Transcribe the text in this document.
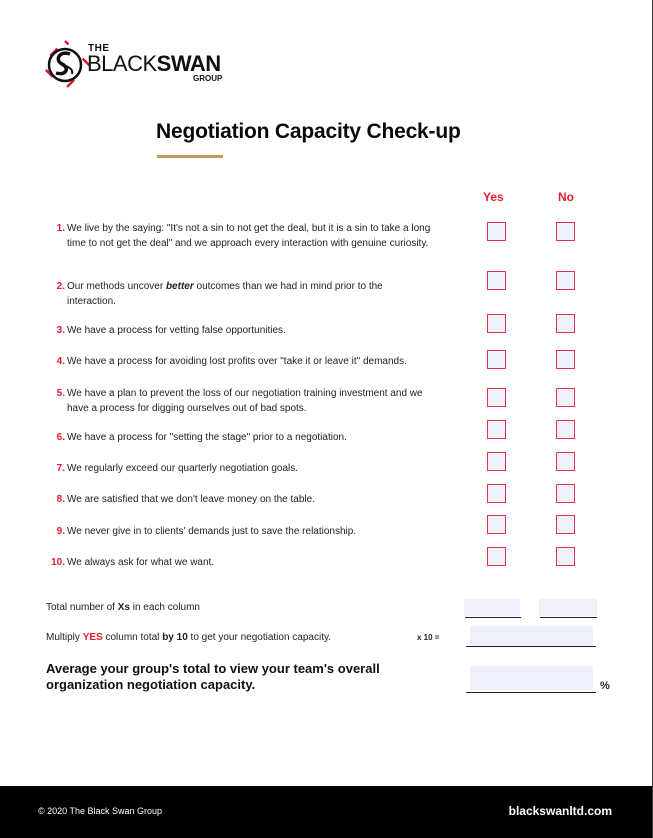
THE
BLACKSWAN
GROUP
Negotiation Capacity Check-up
Yes	No
1. We live by the saying: "It's not a sin to not get the deal, but it is a sin to take a long time to not get the deal" and we approach every interaction with genuine curiosity.
2. Our methods uncover better outcomes than we had in mind prior to the interaction.
3. We have a process for vetting false opportunities.
4. We have a process for avoiding lost profits over "take it or leave it" demands.
5. We have a plan to prevent the loss of our negotiation training investment and we have a process for digging ourselves out of bad spots.
6. We have a process for "setting the stage" prior to a negotiation.
7. We regularly exceed our quarterly negotiation goals.
8. We are satisfied that we don't leave money on the table.
9. We never give in to clients' demands just to save the relationship.
10. We always ask for what we want.
Total number of Xs in each column
Multiply YES column total by 10 to get your negotiation capacity.	x 10 =
Average your group's total to view your team's overall organization negotiation capacity.	%
© 2020 The Black Swan Group	blackswanltd.com
